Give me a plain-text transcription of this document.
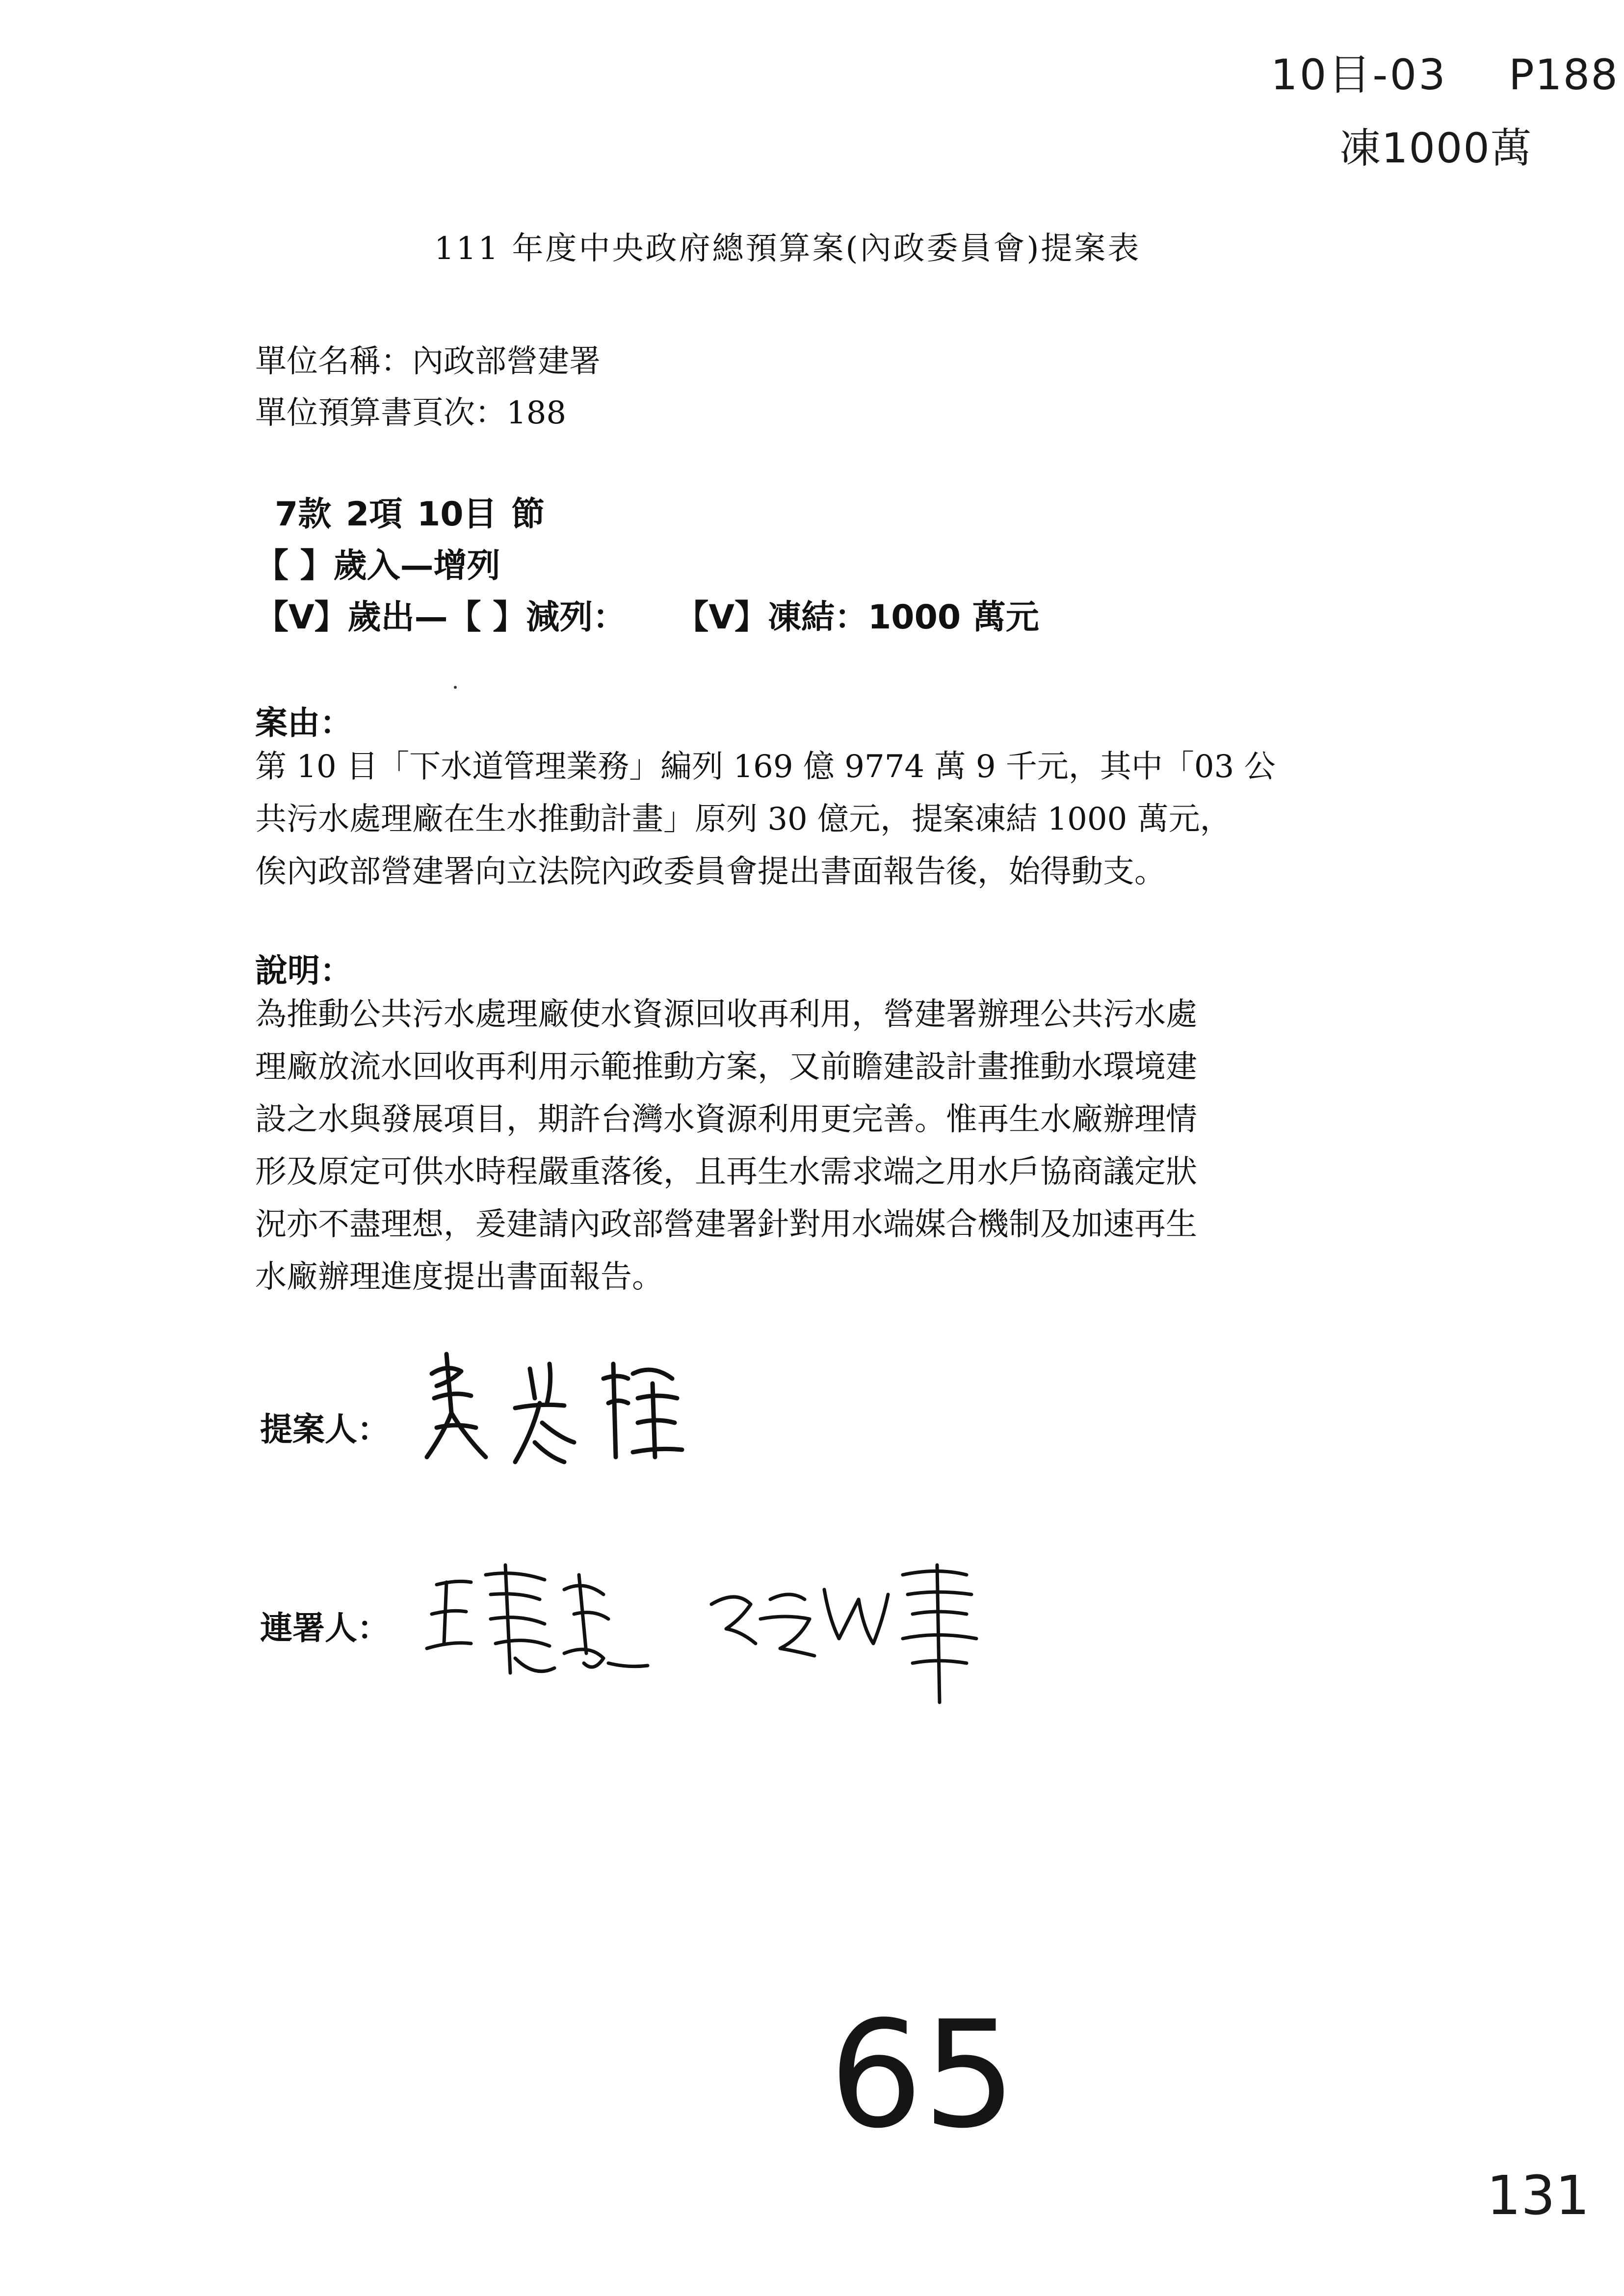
10目-03 P188
凍1000萬
111 年度中央政府總預算案(內政委員會)提案表
單位名稱：內政部營建署
單位預算書頁次：188
7款 2項 10目 節
【 】歲入—增列
【V】歲出—【 】減列： 【V】凍結：1000 萬元
案由：
第 10 目「下水道管理業務」編列 169 億 9774 萬 9 千元，其中「03 公
共污水處理廠在生水推動計畫」原列 30 億元，提案凍結 1000 萬元，
俟內政部營建署向立法院內政委員會提出書面報告後，始得動支。
說明：
為推動公共污水處理廠使水資源回收再利用，營建署辦理公共污水處
理廠放流水回收再利用示範推動方案，又前瞻建設計畫推動水環境建
設之水與發展項目，期許台灣水資源利用更完善。惟再生水廠辦理情
形及原定可供水時程嚴重落後，且再生水需求端之用水戶協商議定狀
況亦不盡理想，爰建請內政部營建署針對用水端媒合機制及加速再生
水廠辦理進度提出書面報告。
提案人：
連署人：
65
131
